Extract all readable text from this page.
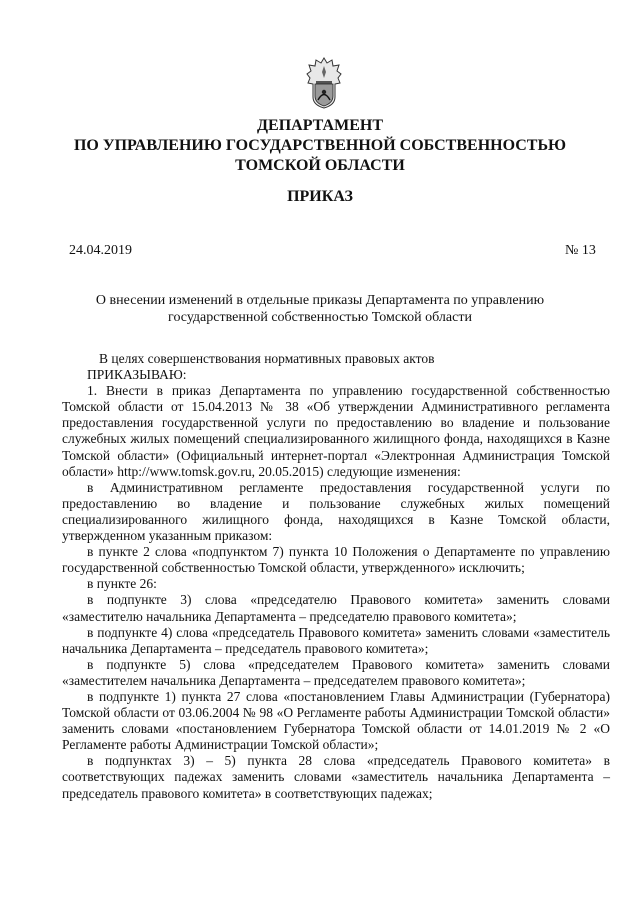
ДЕПАРТАМЕНТ
ПО УПРАВЛЕНИЮ ГОСУДАРСТВЕННОЙ СОБСТВЕННОСТЬЮ
ТОМСКОЙ ОБЛАСТИ
ПРИКАЗ
24.04.2019	№ 13
О внесении изменений в отдельные приказы Департамента по управлению
государственной собственностью Томской области

В целях совершенствования нормативных правовых актов

ПРИКАЗЫВАЮ:

1. Внести в приказ Департамента по управлению государственной собственностью Томской области от 15.04.2013 № 38 «Об утверждении Административного регламента предоставления государственной услуги по предоставлению во владение и пользование служебных жилых помещений специализированного жилищного фонда, находящихся в Казне Томской области» (Официальный интернет-портал «Электронная Администрация Томской области» http://www.tomsk.gov.ru, 20.05.2015) следующие изменения:

в Административном регламенте предоставления государственной услуги по предоставлению во владение и пользование служебных жилых помещений специализированного жилищного фонда, находящихся в Казне Томской области, утвержденном указанным приказом:

в пункте 2 слова «подпунктом 7) пункта 10 Положения о Департаменте по управлению государственной собственностью Томской области, утвержденного» исключить;

в пункте 26:

в подпункте 3) слова «председателю Правового комитета» заменить словами «заместителю начальника Департамента – председателю правового комитета»;

в подпункте 4) слова «председатель Правового комитета» заменить словами «заместитель начальника Департамента – председатель правового комитета»;

в подпункте 5) слова «председателем Правового комитета» заменить словами «заместителем начальника Департамента – председателем правового комитета»;

в подпункте 1) пункта 27 слова «постановлением Главы Администрации (Губернатора) Томской области от 03.06.2004 № 98 «О Регламенте работы Администрации Томской области» заменить словами «постановлением Губернатора Томской области от 14.01.2019 № 2 «О Регламенте работы Администрации Томской области»;

в подпунктах 3) – 5) пункта 28 слова «председатель Правового комитета» в соответствующих падежах заменить словами «заместитель начальника Департамента – председатель правового комитета» в соответствующих падежах;
